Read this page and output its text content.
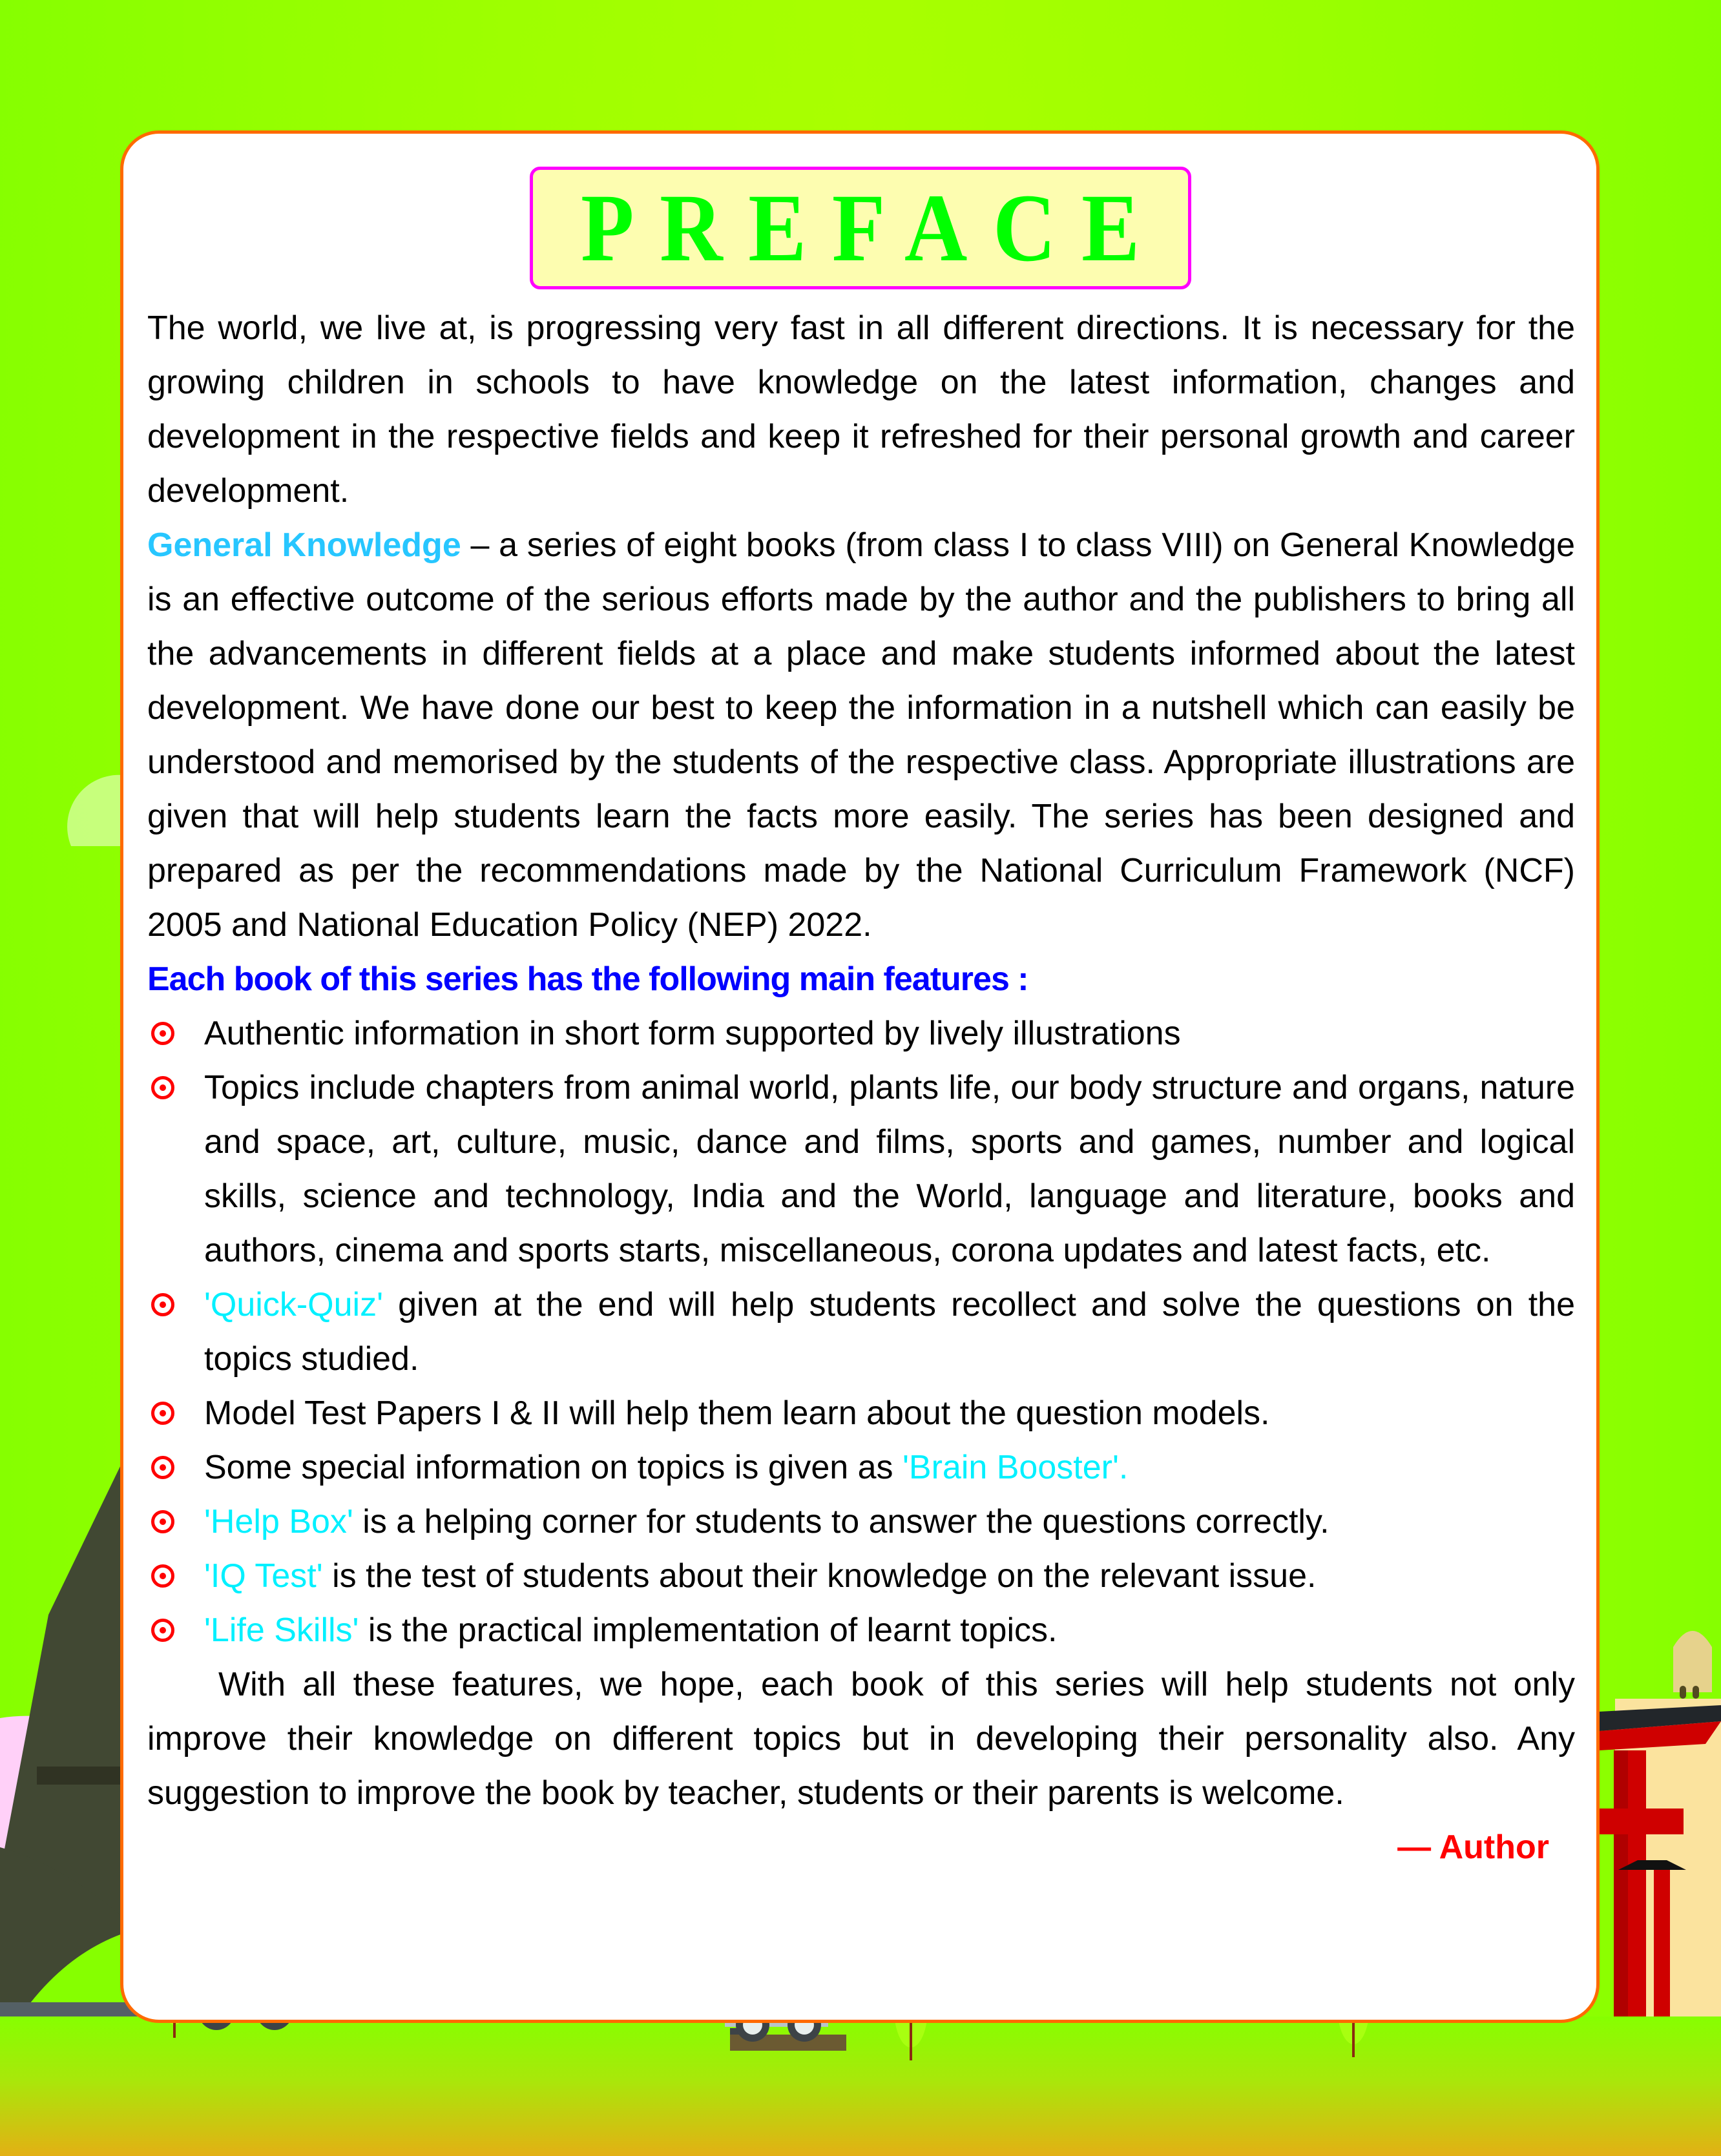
PREFACE

The world, we live at, is progressing very fast in all different directions. It is necessary for the growing children in schools to have knowledge on the latest information, changes and development in the respective fields and keep it refreshed for their personal growth and career development.

General Knowledge – a series of eight books (from class I to class VIII) on General Knowledge is an effective outcome of the serious efforts made by the author and the publishers to bring all the advancements in different fields at a place and make students informed about the latest development. We have done our best to keep the information in a nutshell which can easily be understood and memorised by the students of the respective class. Appropriate illustrations are given that will help students learn the facts more easily. The series has been designed and prepared as per the recommendations made by the National Curriculum Framework (NCF) 2005 and National Education Policy (NEP) 2022.

Each book of this series has the following main features :

Authentic information in short form supported by lively illustrations
Topics include chapters from animal world, plants life, our body structure and organs, nature and space, art, culture, music, dance and films, sports and games, number and logical skills, science and technology, India and the World, language and literature, books and authors, cinema and sports starts, miscellaneous, corona updates and latest facts, etc.
'Quick-Quiz' given at the end will help students recollect and solve the questions on the topics studied.
Model Test Papers I & II will help them learn about the question models.
Some special information on topics is given as 'Brain Booster'.
'Help Box' is a helping corner for students to answer the questions correctly.
'IQ Test' is the test of students about their knowledge on the relevant issue.
'Life Skills' is the practical implementation of learnt topics.

With all these features, we hope, each book of this series will help students not only improve their knowledge on different topics but in developing their personality also. Any suggestion to improve the book by teacher, students or their parents is welcome.

— Author
